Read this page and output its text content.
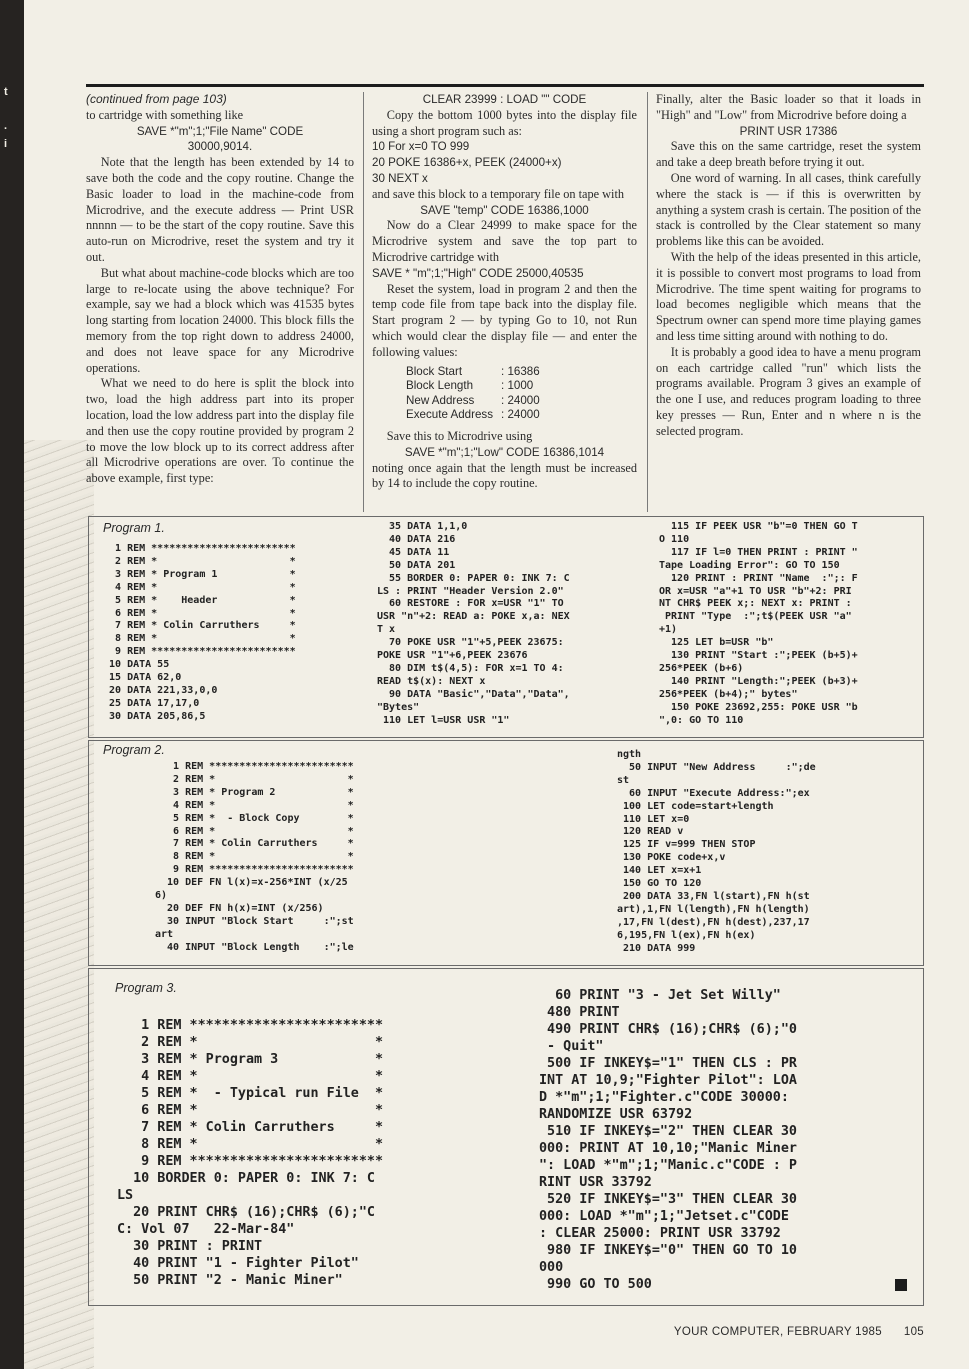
t
.
i

(continued from page 103)

to cartridge with something like

SAVE *"m";1;"File Name" CODE 30000,9014.

Note that the length has been extended by 14 to save both the code and the copy routine. Change the Basic loader to load in the machine-code from Microdrive, and the execute address — Print USR nnnnn — to be the start of the copy routine. Save this auto-run on Microdrive, reset the system and try it out.

But what about machine-code blocks which are too large to re-locate using the above technique? For example, say we had a block which was 41535 bytes long starting from location 24000. This block fills the memory from the top right down to address 24000, and does not leave space for any Microdrive operations.

What we need to do here is split the block into two, load the high address part into its proper location, load the low address part into the display file and then use the copy routine provided by program 2 to move the low block up to its correct address after all Microdrive operations are over. To continue the above example, first type:

CLEAR 23999 : LOAD "" CODE

Copy the bottom 1000 bytes into the display file using a short program such as:

10 For x=0 TO 999

20 POKE 16386+x, PEEK (24000+x)

30 NEXT x

and save this block to a temporary file on tape with

SAVE "temp" CODE 16386,1000

Now do a Clear 24999 to make space for the Microdrive system and save the top part to Microdrive cartridge with

SAVE * "m";1;"High" CODE 25000,40535

Reset the system, load in program 2 and then the temp code file from tape back into the display file. Start program 2 — by typing Go to 10, not Run which would clear the display file — and enter the following values:

Block Start	: 16386
Block Length	: 1000
New Address	: 24000
Execute Address	: 24000

Save this to Microdrive using

SAVE *"m";1;"Low" CODE 16386,1014

noting once again that the length must be increased by 14 to include the copy routine.

Finally, alter the Basic loader so that it loads in "High" and "Low" from Microdrive before doing a

PRINT USR 17386

Save this on the same cartridge, reset the system and take a deep breath before trying it out.

One word of warning. In all cases, think carefully where the stack is — if this is overwritten by anything a system crash is certain. The position of the stack is controlled by the Clear statement so many problems like this can be avoided.

With the help of the ideas presented in this article, it is possible to convert most programs to load from Microdrive. The time spent waiting for programs to load becomes negligible which means that the Spectrum owner can spend more time playing games and less time sitting around with nothing to do.

It is probably a good idea to have a menu program on each cartridge called "run" which lists the programs available. Program 3 gives an example of the one I use, and reduces program loading to three key presses — Run, Enter and n where n is the selected program.

Program 1.
1 REM ************************
2 REM *                      *
3 REM * Program 1            *
4 REM *                      *
5 REM *    Header            *
6 REM *                      *
7 REM * Colin Carruthers     *
8 REM *                      *
9 REM ************************
10 DATA 55
15 DATA 62,0
20 DATA 221,33,0,0
25 DATA 17,17,0
30 DATA 205,86,5
35 DATA 1,1,0
40 DATA 216
45 DATA 11
50 DATA 201
55 BORDER 0: PAPER 0: INK 7: C
LS : PRINT "Header Version 2.0"
60 RESTORE : FOR x=USR "1" TO
USR "n"+2: READ a: POKE x,a: NEX
T x
70 POKE USR "1"+5,PEEK 23675:
POKE USR "1"+6,PEEK 23676
80 DIM t$(4,5): FOR x=1 TO 4:
READ t$(x): NEXT x
90 DATA "Basic","Data","Data",
"Bytes"
110 LET l=USR USR "1"
115 IF PEEK USR "b"=0 THEN GO T
O 110
117 IF l=0 THEN PRINT : PRINT "
Tape Loading Error": GO TO 150
120 PRINT : PRINT "Name  :";: F
OR x=USR "a"+1 TO USR "b"+2: PRI
NT CHR$ PEEK x;: NEXT x: PRINT :
PRINT "Type  :";t$(PEEK USR "a"
+1)
125 LET b=USR "b"
130 PRINT "Start :";PEEK (b+5)+
256*PEEK (b+6)
140 PRINT "Length:";PEEK (b+3)+
256*PEEK (b+4);" bytes"
150 POKE 23692,255: POKE USR "b
",0: GO TO 110
Program 2.
1 REM ************************
2 REM *                      *
3 REM * Program 2            *
4 REM *                      *
5 REM *  - Block Copy        *
6 REM *                      *
7 REM * Colin Carruthers     *
8 REM *                      *
9 REM ************************
10 DEF FN l(x)=x-256*INT (x/25
6)
20 DEF FN h(x)=INT (x/256)
30 INPUT "Block Start     :";st
art
40 INPUT "Block Length    :";le
ngth
50 INPUT "New Address     :";de
st
60 INPUT "Execute Address:";ex
100 LET code=start+length
110 LET x=0
120 READ v
125 IF v=999 THEN STOP
130 POKE code+x,v
140 LET x=x+1
150 GO TO 120
200 DATA 33,FN l(start),FN h(st
art),1,FN l(length),FN h(length)
,17,FN l(dest),FN h(dest),237,17
6,195,FN l(ex),FN h(ex)
210 DATA 999
Program 3.
1 REM ************************
2 REM *                      *
3 REM * Program 3            *
4 REM *                      *
5 REM *  - Typical run File  *
6 REM *                      *
7 REM * Colin Carruthers     *
8 REM *                      *
9 REM ************************
10 BORDER 0: PAPER 0: INK 7: C
LS
20 PRINT CHR$ (16);CHR$ (6);"C
C: Vol 07   22-Mar-84"
30 PRINT : PRINT
40 PRINT "1 - Fighter Pilot"
50 PRINT "2 - Manic Miner"
60 PRINT "3 - Jet Set Willy"
480 PRINT
490 PRINT CHR$ (16);CHR$ (6);"0
- Quit"
500 IF INKEY$="1" THEN CLS : PR
INT AT 10,9;"Fighter Pilot": LOA
D *"m";1;"Fighter.c"CODE 30000:
RANDOMIZE USR 63792
510 IF INKEY$="2" THEN CLEAR 30
000: PRINT AT 10,10;"Manic Miner
": LOAD *"m";1;"Manic.c"CODE : P
RINT USR 33792
520 IF INKEY$="3" THEN CLEAR 30
000: LOAD *"m";1;"Jetset.c"CODE
: CLEAR 25000: PRINT USR 33792
980 IF INKEY$="0" THEN GO TO 10
000
990 GO TO 500
YOUR COMPUTER, FEBRUARY 1985 105
